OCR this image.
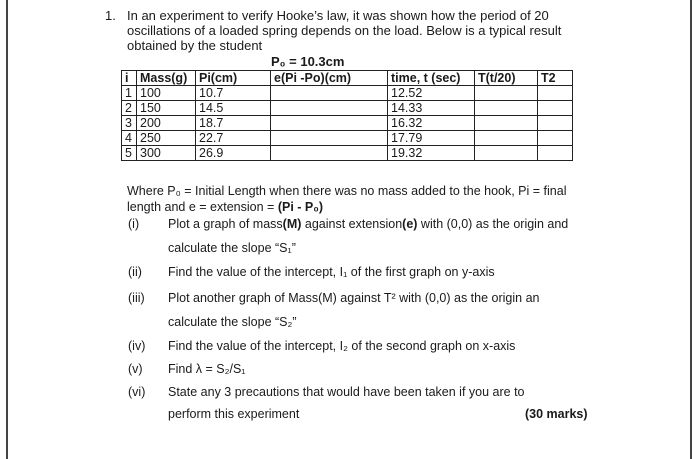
1. In an experiment to verify Hooke’s law, it was shown how the period of 20
oscillations of a loaded spring depends on the load. Below is a typical result
obtained by the student
P₀ = 10.3cm
i	Mass(g)	Pi(cm)	e(Pi -Po)(cm)	time, t (sec)	T(t/20)	T2
1	100	10.7		12.52		
2	150	14.5		14.33		
3	200	18.7		16.32		
4	250	22.7		17.79		
5	300	26.9		19.32		
Where P₀ = Initial Length when there was no mass added to the hook, Pi = final
length and e = extension = (Pi - P₀)
(i) Plot a graph of mass(M) against extension(e) with (0,0) as the origin and
calculate the slope “S₁”
(ii) Find the value of the intercept, I₁ of the first graph on y-axis
(iii) Plot another graph of Mass(M) against T² with (0,0) as the origin an
calculate the slope “S₂”
(iv) Find the value of the intercept, I₂ of the second graph on x-axis
(v) Find λ = S₂/S₁
(vi) State any 3 precautions that would have been taken if you are to
perform this experiment	(30 marks)
